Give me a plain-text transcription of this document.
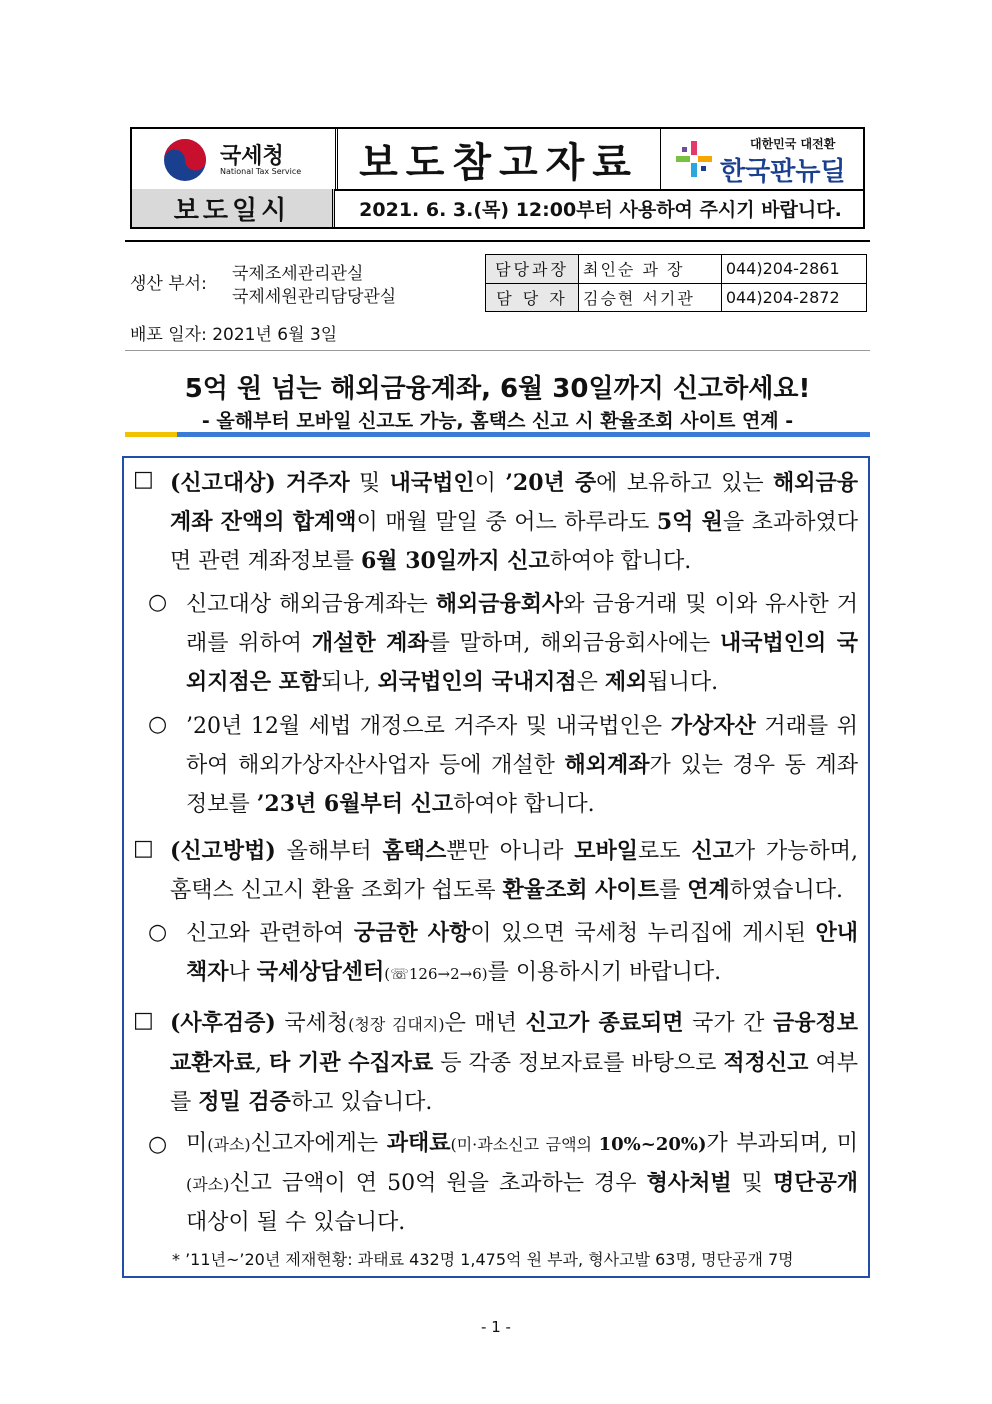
국세청
National Tax Service	보도참고자료	대한민국 대전환
한국판뉴딜
보도일시	2021. 6. 3.(목) 12:00부터 사용하여 주시기 바랍니다.
생산 부서: 국제조세관리관실
국제세원관리담당관실
담당과장	최인순 과 장	044)204-2861
담 당 자	김승현 서기관	044)204-2872
배포 일자: 2021년 6월 3일
5억 원 넘는 해외금융계좌, 6월 30일까지 신고하세요!
- 올해부터 모바일 신고도 가능, 홈택스 신고 시 환율조회 사이트 연계 -
□ (신고대상) 거주자 및 내국법인이 ’20년 중에 보유하고 있는 해외금융계좌 잔액의 합계액이 매월 말일 중 어느 하루라도 5억 원을 초과하였다면 관련 계좌정보를 6월 30일까지 신고하여야 합니다.
○ 신고대상 해외금융계좌는 해외금융회사와 금융거래 및 이와 유사한 거래를 위하여 개설한 계좌를 말하며, 해외금융회사에는 내국법인의 국외지점은 포함되나, 외국법인의 국내지점은 제외됩니다.
○ ’20년 12월 세법 개정으로 거주자 및 내국법인은 가상자산 거래를 위하여 해외가상자산사업자 등에 개설한 해외계좌가 있는 경우 동 계좌정보를 ’23년 6월부터 신고하여야 합니다.
□ (신고방법) 올해부터 홈택스뿐만 아니라 모바일로도 신고가 가능하며, 홈택스 신고시 환율 조회가 쉽도록 환율조회 사이트를 연계하였습니다.
○ 신고와 관련하여 궁금한 사항이 있으면 국세청 누리집에 게시된 안내책자나 국세상담센터(☏126→2→6)를 이용하시기 바랍니다.
□ (사후검증) 국세청(청장 김대지)은 매년 신고가 종료되면 국가 간 금융정보 교환자료, 타 기관 수집자료 등 각종 정보자료를 바탕으로 적정신고 여부를 정밀 검증하고 있습니다.
○ 미(과소)신고자에게는 과태료(미·과소신고 금액의 10%~20%)가 부과되며, 미(과소)신고 금액이 연 50억 원을 초과하는 경우 형사처벌 및 명단공개 대상이 될 수 있습니다.
* ’11년~’20년 제재현황: 과태료 432명 1,475억 원 부과, 형사고발 63명, 명단공개 7명
- 1 -
